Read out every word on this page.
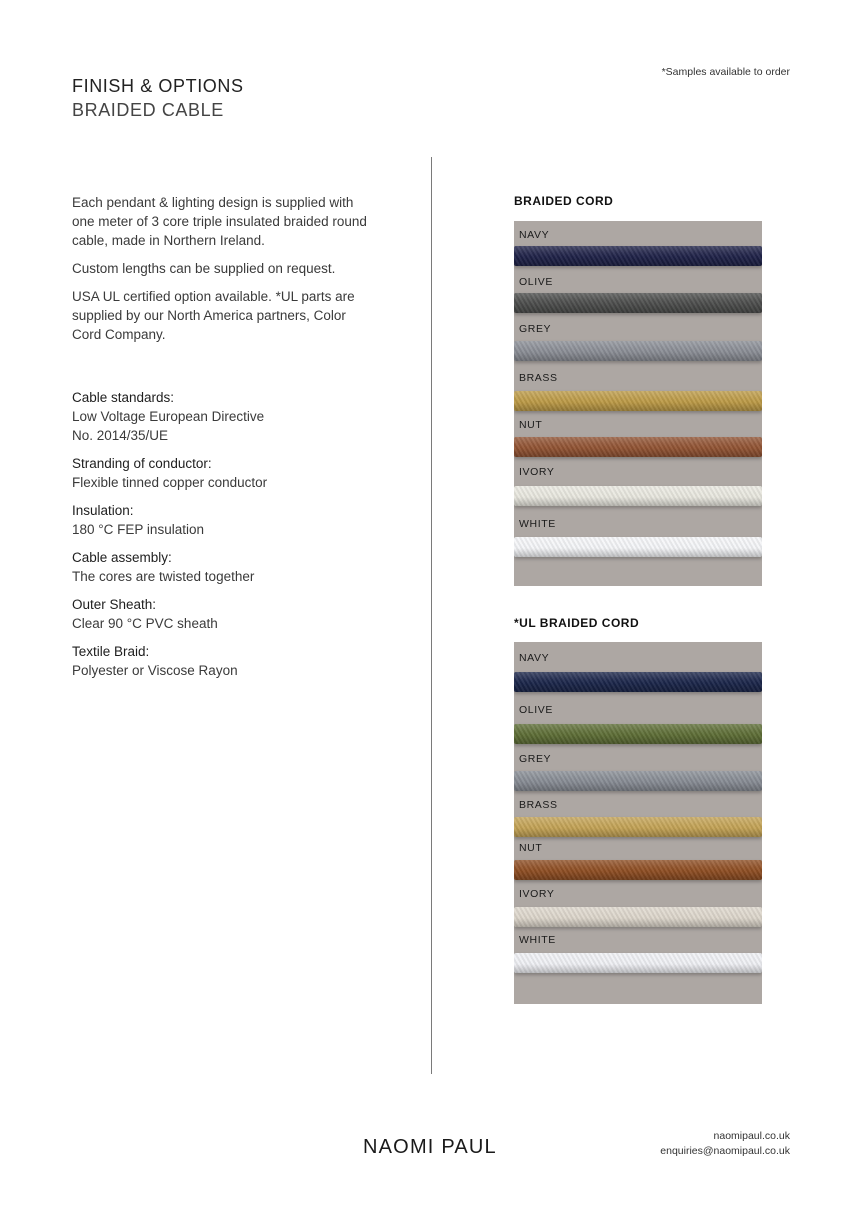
*Samples available to order
FINISH & OPTIONS
BRAIDED CABLE

Each pendant & lighting design is supplied with one meter of 3 core triple insulated braided round cable, made in Northern Ireland.

Custom lengths can be supplied on request.

USA UL certified option available. *UL parts are supplied by our North America partners, Color Cord Company.

Cable standards:
Low Voltage European Directive
No. 2014/35/UE
Stranding of conductor:
Flexible tinned copper conductor
Insulation:
180 °C FEP insulation
Cable assembly:
The cores are twisted together
Outer Sheath:
Clear 90 °C PVC sheath
Textile Braid:
Polyester or Viscose Rayon
BRAIDED CORD
NAVY
OLIVE
GREY
BRASS
NUT
IVORY
WHITE
*UL BRAIDED CORD
NAVY
OLIVE
GREY
BRASS
NUT
IVORY
WHITE
NAOMI PAUL	naomipaul.co.uk
enquiries@naomipaul.co.uk
